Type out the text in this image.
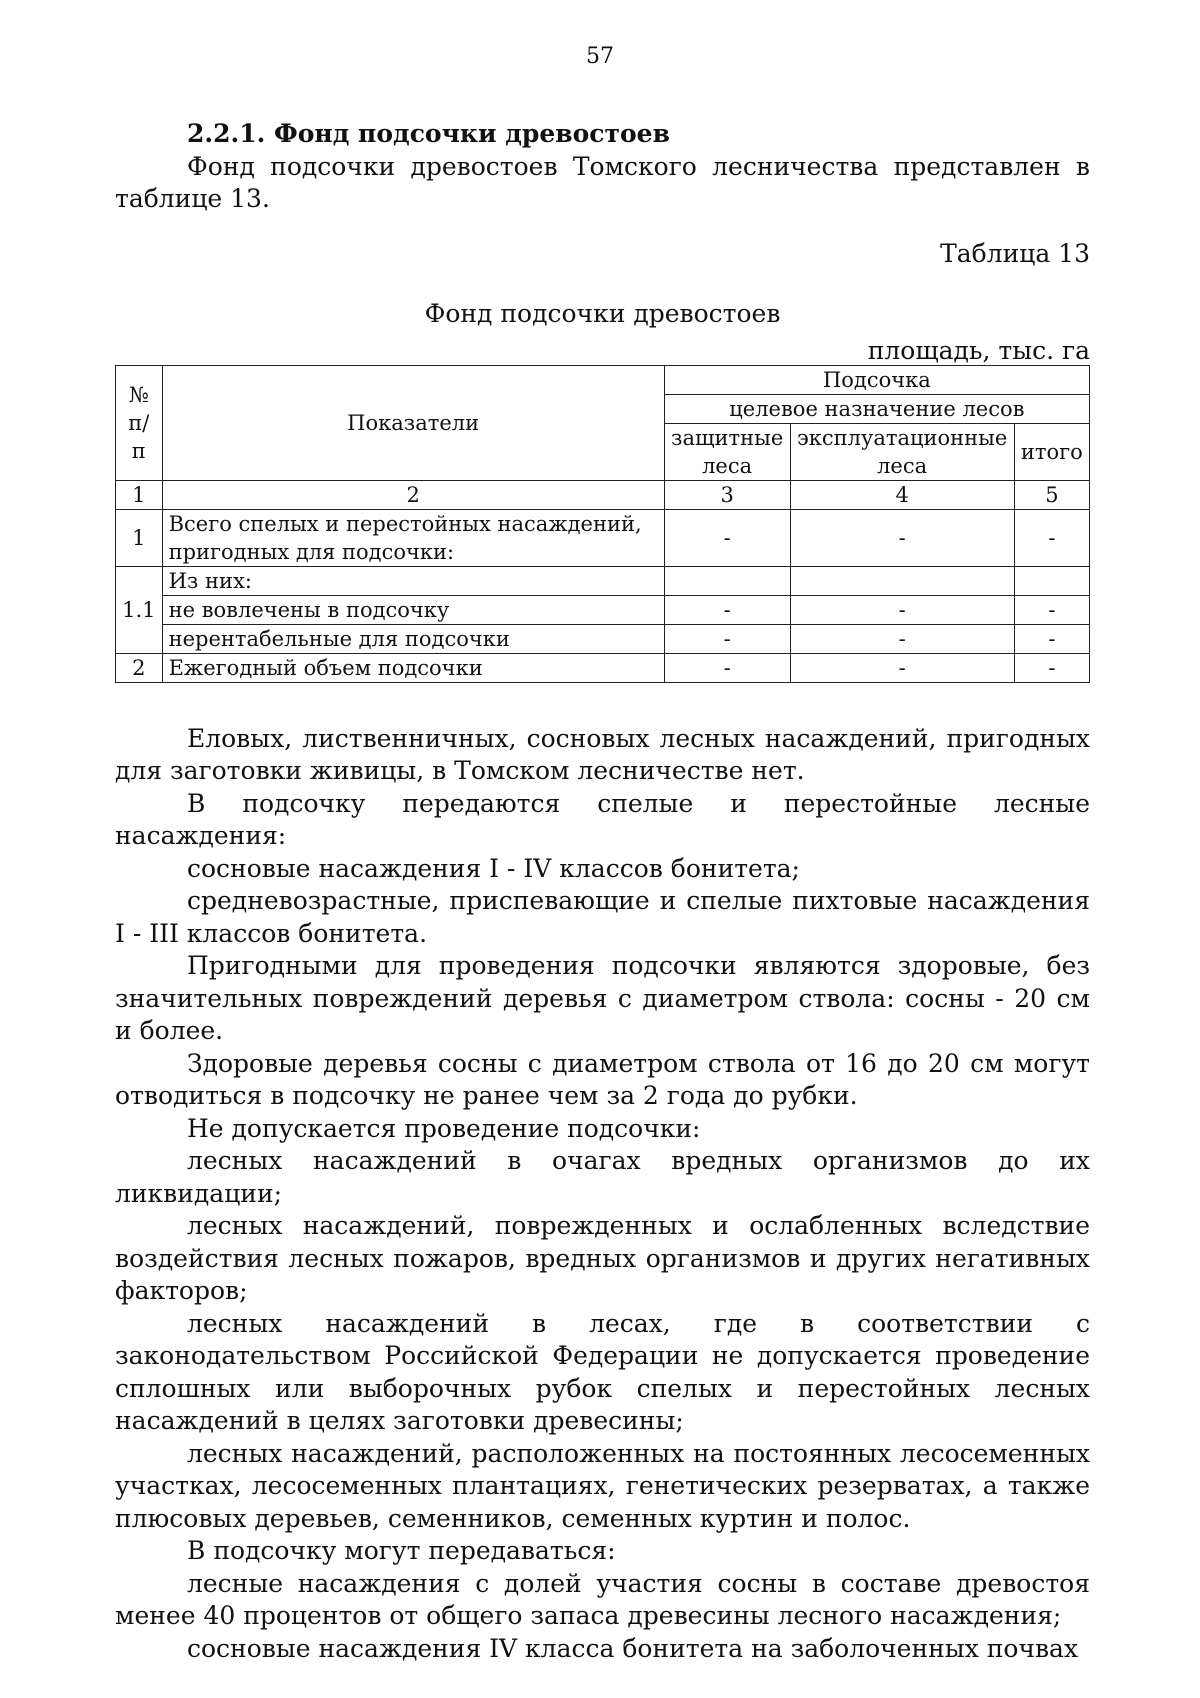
57

2.2.1. Фонд подсочки древостоев

Фонд подсочки древостоев Томского лесничества представлен в таблице 13.

Таблица 13

Фонд подсочки древостоев

площадь, тыс. га

№ п/п	Показатели	Подсочка		
		целевое назначение лесов		
		защитные леса	эксплуатационные леса	итого
1	2	3	4	5
1	Всего спелых и перестойных насаждений, пригодных для подсочки:	-	-	-
1.1	Из них:			
	не вовлечены в подсочку	-	-	-
	нерентабельные для подсочки	-	-	-
2	Ежегодный объем подсочки	-	-	-

Еловых, лиственничных, сосновых лесных насаждений, пригодных для заготовки живицы, в Томском лесничестве нет.

В подсочку передаются спелые и перестойные лесные насаждения:

сосновые насаждения I - IV классов бонитета;

средневозрастные, приспевающие и спелые пихтовые насаждения I - III классов бонитета.

Пригодными для проведения подсочки являются здоровые, без значительных повреждений деревья с диаметром ствола: сосны - 20 см и более.

Здоровые деревья сосны с диаметром ствола от 16 до 20 см могут отводиться в подсочку не ранее чем за 2 года до рубки.

Не допускается проведение подсочки:

лесных насаждений в очагах вредных организмов до их ликвидации;

лесных насаждений, поврежденных и ослабленных вследствие воздействия лесных пожаров, вредных организмов и других негативных факторов;

лесных насаждений в лесах, где в соответствии с законодательством Российской Федерации не допускается проведение сплошных или выборочных рубок спелых и перестойных лесных насаждений в целях заготовки древесины;

лесных насаждений, расположенных на постоянных лесосеменных участках, лесосеменных плантациях, генетических резерватах, а также плюсовых деревьев, семенников, семенных куртин и полос.

В подсочку могут передаваться:

лесные насаждения с долей участия сосны в составе древостоя менее 40 процентов от общего запаса древесины лесного насаждения;

сосновые насаждения IV класса бонитета на заболоченных почвах
